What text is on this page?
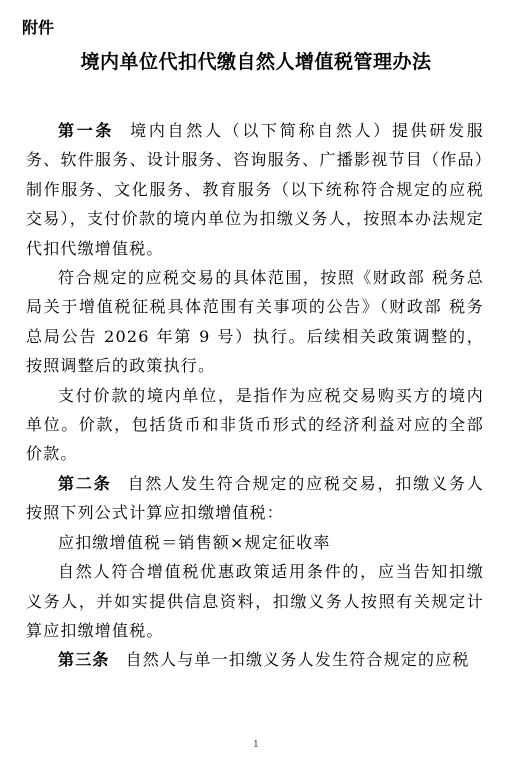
附件
境内单位代扣代缴自然人增值税管理办法

第一条 境内自然人（以下简称自然人）提供研发服务、软件服务、设计服务、咨询服务、广播影视节目（作品）制作服务、文化服务、教育服务（以下统称符合规定的应税交易），支付价款的境内单位为扣缴义务人，按照本办法规定代扣代缴增值税。

符合规定的应税交易的具体范围，按照《财政部 税务总局关于增值税征税具体范围有关事项的公告》（财政部 税务总局公告 2026 年第 9 号）执行。后续相关政策调整的，按照调整后的政策执行。

支付价款的境内单位，是指作为应税交易购买方的境内单位。价款，包括货币和非货币形式的经济利益对应的全部价款。

第二条 自然人发生符合规定的应税交易，扣缴义务人按照下列公式计算应扣缴增值税：

应扣缴增值税＝销售额×规定征收率

自然人符合增值税优惠政策适用条件的，应当告知扣缴义务人，并如实提供信息资料，扣缴义务人按照有关规定计算应扣缴增值税。

第三条 自然人与单一扣缴义务人发生符合规定的应税

1
